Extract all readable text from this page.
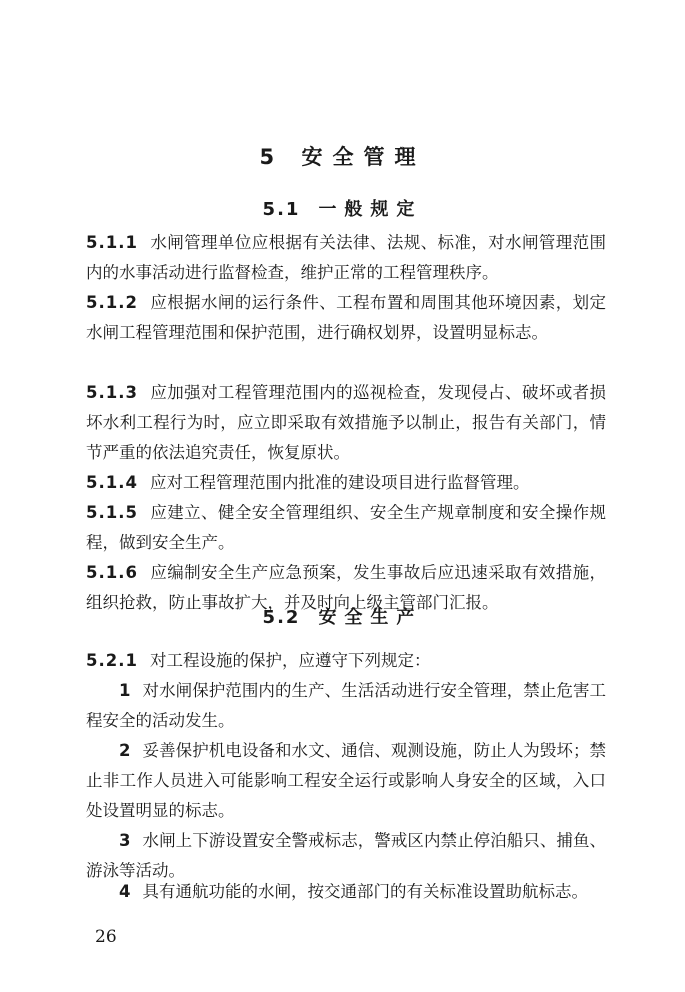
5 安全管理
5.1 一般规定

5.1.1 水闸管理单位应根据有关法律、法规、标准，对水闸管理范围内的水事活动进行监督检查，维护正常的工程管理秩序。

5.1.2 应根据水闸的运行条件、工程布置和周围其他环境因素，划定水闸工程管理范围和保护范围，进行确权划界，设置明显标志。

5.1.3 应加强对工程管理范围内的巡视检查，发现侵占、破坏或者损坏水利工程行为时，应立即采取有效措施予以制止，报告有关部门，情节严重的依法追究责任，恢复原状。

5.1.4 应对工程管理范围内批准的建设项目进行监督管理。

5.1.5 应建立、健全安全管理组织、安全生产规章制度和安全操作规程，做到安全生产。

5.1.6 应编制安全生产应急预案，发生事故后应迅速采取有效措施，组织抢救，防止事故扩大，并及时向上级主管部门汇报。

5.2 安全生产

5.2.1 对工程设施的保护，应遵守下列规定：

1 对水闸保护范围内的生产、生活活动进行安全管理，禁止危害工程安全的活动发生。

2 妥善保护机电设备和水文、通信、观测设施，防止人为毁坏；禁止非工作人员进入可能影响工程安全运行或影响人身安全的区域，入口处设置明显的标志。

3 水闸上下游设置安全警戒标志，警戒区内禁止停泊船只、捕鱼、游泳等活动。

4 具有通航功能的水闸，按交通部门的有关标准设置助航标志。

26
